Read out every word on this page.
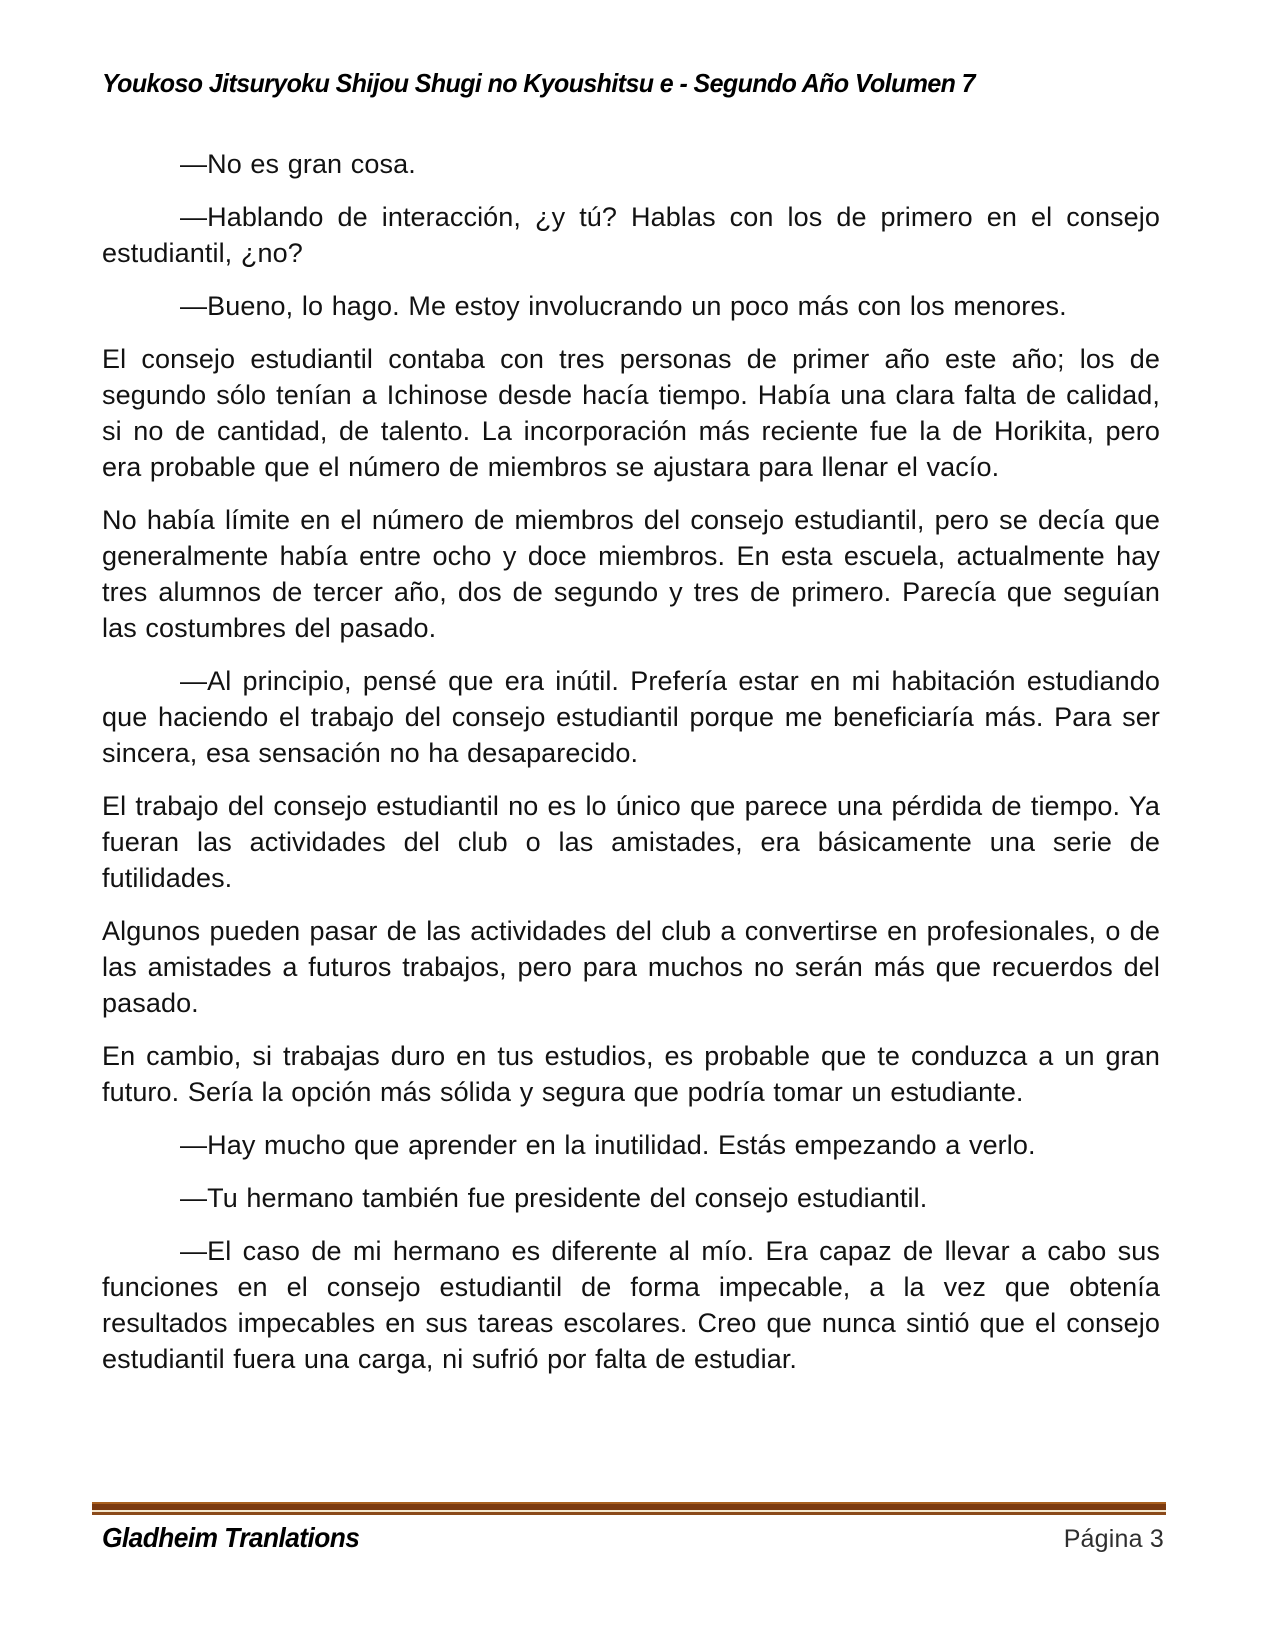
Youkoso Jitsuryoku Shijou Shugi no Kyoushitsu e - Segundo Año Volumen 7

—No es gran cosa.

—Hablando de interacción, ¿y tú? Hablas con los de primero en el consejo estudiantil, ¿no?

—Bueno, lo hago. Me estoy involucrando un poco más con los menores.

El consejo estudiantil contaba con tres personas de primer año este año; los de segundo sólo tenían a Ichinose desde hacía tiempo. Había una clara falta de calidad, si no de cantidad, de talento. La incorporación más reciente fue la de Horikita, pero era probable que el número de miembros se ajustara para llenar el vacío.

No había límite en el número de miembros del consejo estudiantil, pero se decía que generalmente había entre ocho y doce miembros. En esta escuela, actualmente hay tres alumnos de tercer año, dos de segundo y tres de primero. Parecía que seguían las costumbres del pasado.

—Al principio, pensé que era inútil. Prefería estar en mi habitación estudiando que haciendo el trabajo del consejo estudiantil porque me beneficiaría más. Para ser sincera, esa sensación no ha desaparecido.

El trabajo del consejo estudiantil no es lo único que parece una pérdida de tiempo. Ya fueran las actividades del club o las amistades, era básicamente una serie de futilidades.

Algunos pueden pasar de las actividades del club a convertirse en profesionales, o de las amistades a futuros trabajos, pero para muchos no serán más que recuerdos del pasado.

En cambio, si trabajas duro en tus estudios, es probable que te conduzca a un gran futuro. Sería la opción más sólida y segura que podría tomar un estudiante.

—Hay mucho que aprender en la inutilidad. Estás empezando a verlo.

—Tu hermano también fue presidente del consejo estudiantil.

—El caso de mi hermano es diferente al mío. Era capaz de llevar a cabo sus funciones en el consejo estudiantil de forma impecable, a la vez que obtenía resultados impecables en sus tareas escolares. Creo que nunca sintió que el consejo estudiantil fuera una carga, ni sufrió por falta de estudiar.

Gladheim Tranlations	Página 3
